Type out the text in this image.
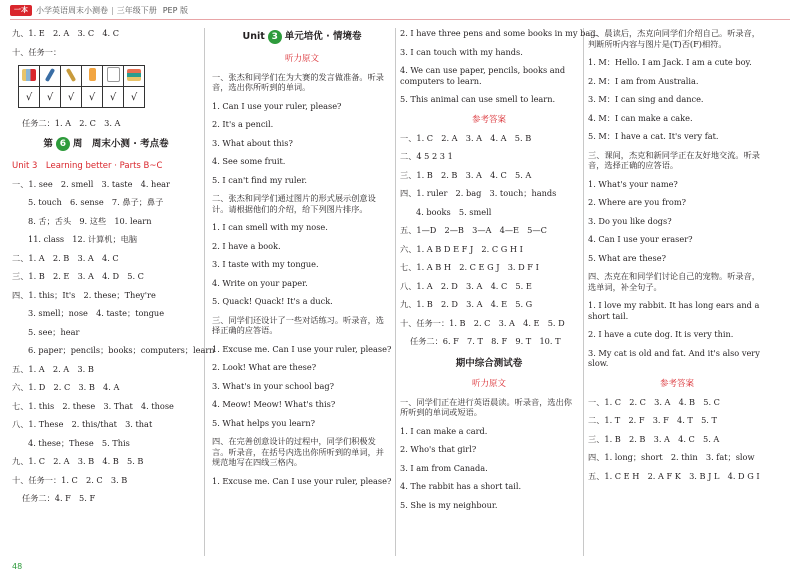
一本	小学英语周末小测卷 | 三年级下册 PEP 版
九、1. E　2. A　3. C　4. C
十、任务一：

√	√	√	√	√	√
任务二：1. A　2. C　3. A
第 6 周　周末小测 · 考点卷
Unit 3　Learning better · Parts B~C
一、1. see　2. smell　3. taste　4. hear
5. touch　6. sense　7. 鼻子；鼻子
8. 舌；舌头　9. 这些　10. learn
11. class　12. 计算机；电脑
二、1. A　2. B　3. A　4. C
三、1. B　2. E　3. A　4. D　5. C
四、1. this；It's　2. these；They're
3. smell；nose　4. taste；tongue
5. see；hear
6. paper；pencils；books；computers；learn
五、1. A　2. A　3. B
六、1. D　2. C　3. B　4. A
七、1. this　2. these　3. That　4. those
八、1. These　2. this/that　3. that
4. these；These　5. This
九、1. C　2. A　3. B　4. B　5. B
十、任务一：1. C　2. C　3. B
任务二：4. F　5. F
Unit 3 单元培优 · 情境卷
听力原文
一、张杰和同学们在为大赛的发言做准备。听录音，选出你所听到的单词。
1. Can I use your ruler, please?
2. It's a pencil.
3. What about this?
4. See some fruit.
5. I can't find my ruler.
二、张杰和同学们通过图片的形式展示创意设计。请根据他们的介绍，给下列图片排序。
1. I can smell with my nose.
2. I have a book.
3. I taste with my tongue.
4. Write on your paper.
5. Quack! Quack! It's a duck.
三、同学们还设计了一些对话练习。听录音，选择正确的应答语。
1. Excuse me. Can I use your ruler, please?
2. Look! What are these?
3. What's in your school bag?
4. Meow! Meow! What's this?
5. What helps you learn?
四、在完善创意设计的过程中，同学们积极发言。听录音，在括号内选出你所听到的单词，并规范地写在四线三格内。
1. Excuse me. Can I use your ruler, please?
2. I have three pens and some books in my bag.
3. I can touch with my hands.
4. We can use paper, pencils, books and computers to learn.
5. This animal can use smell to learn.
参考答案
一、1. C　2. A　3. A　4. A　5. B
二、4 5 2 3 1
三、1. B　2. B　3. A　4. C　5. A
四、1. ruler　2. bag　3. touch；hands
4. books　5. smell
五、1—D　2—B　3—A　4—E　5—C
六、1. A B D E F J　2. C G H I
七、1. A B H　2. C E G J　3. D F I
八、1. A　2. D　3. A　4. C　5. E
九、1. B　2. D　3. A　4. E　5. G
十、任务一：1. B　2. C　3. A　4. E　5. D
任务二：6. F　7. T　8. F　9. T　10. T
期中综合测试卷
听力原文
一、同学们正在进行英语晨读。听录音，选出你所听到的单词或短语。
1. I can make a card.
2. Who's that girl?
3. I am from Canada.
4. The rabbit has a short tail.
5. She is my neighbour.
二、晨读后，杰克向同学们介绍自己。听录音，判断所听内容与图片是(T)否(F)相符。
1. M：Hello. I am Jack. I am a cute boy.
2. M：I am from Australia.
3. M：I can sing and dance.
4. M：I can make a cake.
5. M：I have a cat. It's very fat.
三、课间，杰克和新同学正在友好地交流。听录音，选择正确的应答语。
1. What's your name?
2. Where are you from?
3. Do you like dogs?
4. Can I use your eraser?
5. What are these?
四、杰克在和同学们讨论自己的宠物。听录音，选单词，补全句子。
1. I love my rabbit. It has long ears and a short tail.
2. I have a cute dog. It is very thin.
3. My cat is old and fat. And it's also very slow.
参考答案
一、1. C　2. C　3. A　4. B　5. C
二、1. T　2. F　3. F　4. T　5. T
三、1. B　2. B　3. A　4. C　5. A
四、1. long；short　2. thin　3. fat；slow
五、1. C E H　2. A F K　3. B J L　4. D G I
48
